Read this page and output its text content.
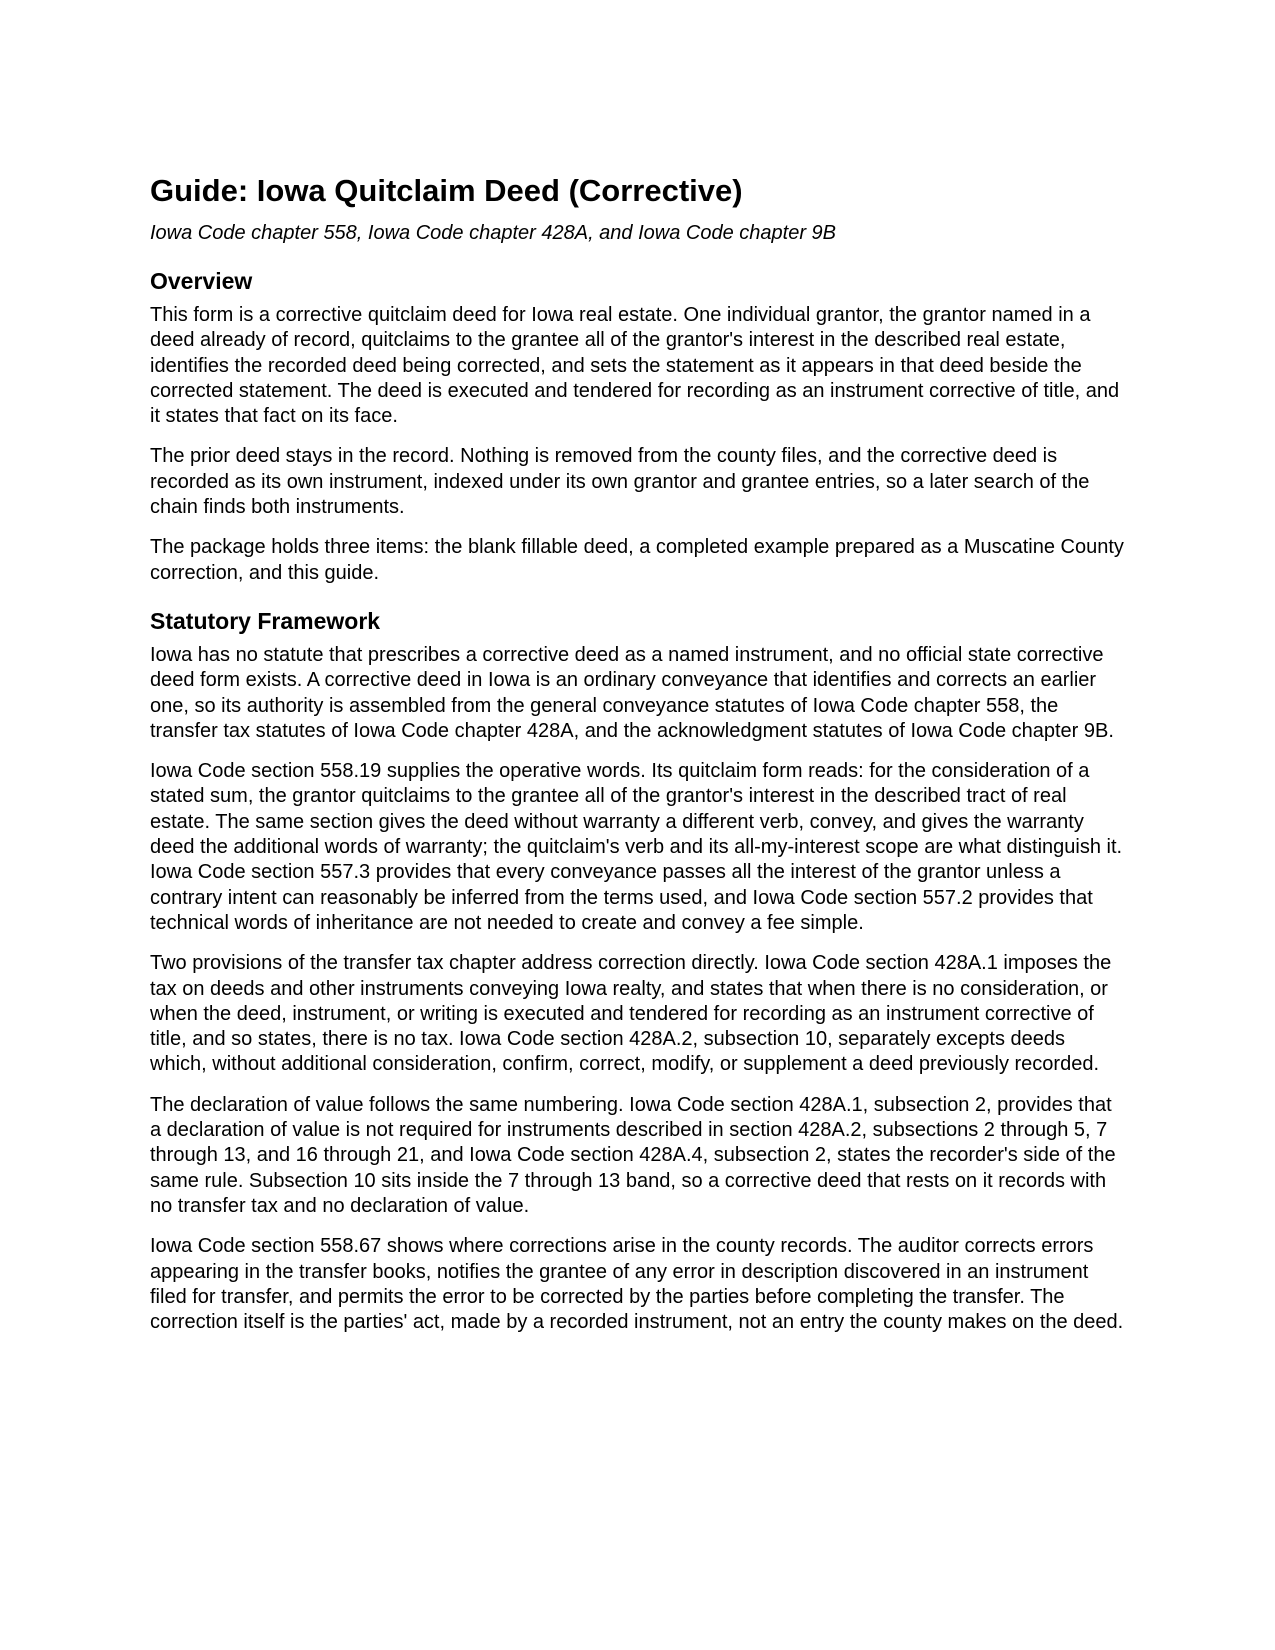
Guide: Iowa Quitclaim Deed (Corrective)

Iowa Code chapter 558, Iowa Code chapter 428A, and Iowa Code chapter 9B

Overview

This form is a corrective quitclaim deed for Iowa real estate. One individual grantor, the grantor named in a deed already of record, quitclaims to the grantee all of the grantor's interest in the described real estate, identifies the recorded deed being corrected, and sets the statement as it appears in that deed beside the corrected statement. The deed is executed and tendered for recording as an instrument corrective of title, and it states that fact on its face.

The prior deed stays in the record. Nothing is removed from the county files, and the corrective deed is recorded as its own instrument, indexed under its own grantor and grantee entries, so a later search of the chain finds both instruments.

The package holds three items: the blank fillable deed, a completed example prepared as a Muscatine County correction, and this guide.

Statutory Framework

Iowa has no statute that prescribes a corrective deed as a named instrument, and no official state corrective deed form exists. A corrective deed in Iowa is an ordinary conveyance that identifies and corrects an earlier one, so its authority is assembled from the general conveyance statutes of Iowa Code chapter 558, the transfer tax statutes of Iowa Code chapter 428A, and the acknowledgment statutes of Iowa Code chapter 9B.

Iowa Code section 558.19 supplies the operative words. Its quitclaim form reads: for the consideration of a stated sum, the grantor quitclaims to the grantee all of the grantor's interest in the described tract of real estate. The same section gives the deed without warranty a different verb, convey, and gives the warranty deed the additional words of warranty; the quitclaim's verb and its all-my-interest scope are what distinguish it. Iowa Code section 557.3 provides that every conveyance passes all the interest of the grantor unless a contrary intent can reasonably be inferred from the terms used, and Iowa Code section 557.2 provides that technical words of inheritance are not needed to create and convey a fee simple.

Two provisions of the transfer tax chapter address correction directly. Iowa Code section 428A.1 imposes the tax on deeds and other instruments conveying Iowa realty, and states that when there is no consideration, or when the deed, instrument, or writing is executed and tendered for recording as an instrument corrective of title, and so states, there is no tax. Iowa Code section 428A.2, subsection 10, separately excepts deeds which, without additional consideration, confirm, correct, modify, or supplement a deed previously recorded.

The declaration of value follows the same numbering. Iowa Code section 428A.1, subsection 2, provides that a declaration of value is not required for instruments described in section 428A.2, subsections 2 through 5, 7 through 13, and 16 through 21, and Iowa Code section 428A.4, subsection 2, states the recorder's side of the same rule. Subsection 10 sits inside the 7 through 13 band, so a corrective deed that rests on it records with no transfer tax and no declaration of value.

Iowa Code section 558.67 shows where corrections arise in the county records. The auditor corrects errors appearing in the transfer books, notifies the grantee of any error in description discovered in an instrument filed for transfer, and permits the error to be corrected by the parties before completing the transfer. The correction itself is the parties' act, made by a recorded instrument, not an entry the county makes on the deed.
